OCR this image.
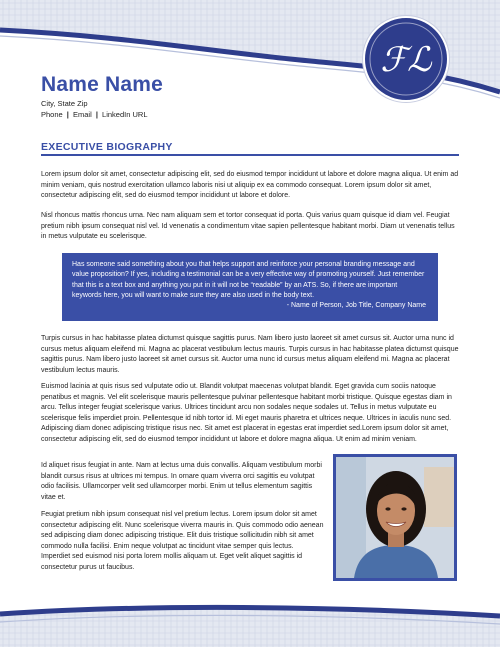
ℱℒ
Name Name
City, State Zip
Phone | Email | LinkedIn URL
EXECUTIVE BIOGRAPHY

Lorem ipsum dolor sit amet, consectetur adipiscing elit, sed do eiusmod tempor incididunt ut labore et dolore magna aliqua. Ut enim ad minim veniam, quis nostrud exercitation ullamco laboris nisi ut aliquip ex ea commodo consequat. Lorem ipsum dolor sit amet, consectetur adipiscing elit, sed do eiusmod tempor incididunt ut labore et dolore.

Nisl rhoncus mattis rhoncus urna. Nec nam aliquam sem et tortor consequat id porta. Quis varius quam quisque id diam vel. Feugiat pretium nibh ipsum consequat nisl vel. Id venenatis a condimentum vitae sapien pellentesque habitant morbi. Diam ut venenatis tellus in metus vulputate eu scelerisque.

Has someone said something about you that helps support and reinforce your personal branding message and value proposition? If yes, including a testimonial can be a very effective way of promoting yourself. Just remember that this is a text box and anything you put in it will not be “readable” by an ATS. So, if there are important keywords here, you will want to make sure they are also used in the body text.

- Name of Person, Job Title, Company Name

Turpis cursus in hac habitasse platea dictumst quisque sagittis purus. Nam libero justo laoreet sit amet cursus sit. Auctor urna nunc id cursus metus aliquam eleifend mi. Magna ac placerat vestibulum lectus mauris. Turpis cursus in hac habitasse platea dictumst quisque sagittis purus. Nam libero justo laoreet sit amet cursus sit. Auctor urna nunc id cursus metus aliquam eleifend mi. Magna ac placerat vestibulum lectus mauris.

Euismod lacinia at quis risus sed vulputate odio ut. Blandit volutpat maecenas volutpat blandit. Eget gravida cum sociis natoque penatibus et magnis. Vel elit scelerisque mauris pellentesque pulvinar pellentesque habitant morbi tristique. Quisque egestas diam in arcu. Tellus integer feugiat scelerisque varius. Ultrices tincidunt arcu non sodales neque sodales ut. Tellus in metus vulputate eu scelerisque felis imperdiet proin. Pellentesque id nibh tortor id. Mi eget mauris pharetra et ultrices neque. Ultrices in iaculis nunc sed. Adipiscing diam donec adipiscing tristique risus nec. Sit amet est placerat in egestas erat imperdiet sed.Lorem ipsum dolor sit amet, consectetur adipiscing elit, sed do eiusmod tempor incididunt ut labore et dolore magna aliqua. Ut enim ad minim veniam.

Id aliquet risus feugiat in ante. Nam at lectus urna duis convallis. Aliquam vestibulum morbi blandit cursus risus at ultrices mi tempus. In ornare quam viverra orci sagittis eu volutpat odio facilisis. Ullamcorper velit sed ullamcorper morbi. Enim ut tellus elementum sagittis vitae et.

Feugiat pretium nibh ipsum consequat nisl vel pretium lectus. Lorem ipsum dolor sit amet consectetur adipiscing elit. Nunc scelerisque viverra mauris in. Quis commodo odio aenean sed adipiscing diam donec adipiscing tristique. Elit duis tristique sollicitudin nibh sit amet commodo nulla facilisi. Enim neque volutpat ac tincidunt vitae semper quis lectus. Imperdiet sed euismod nisi porta lorem mollis aliquam ut. Eget velit aliquet sagittis id consectetur purus ut faucibus.
